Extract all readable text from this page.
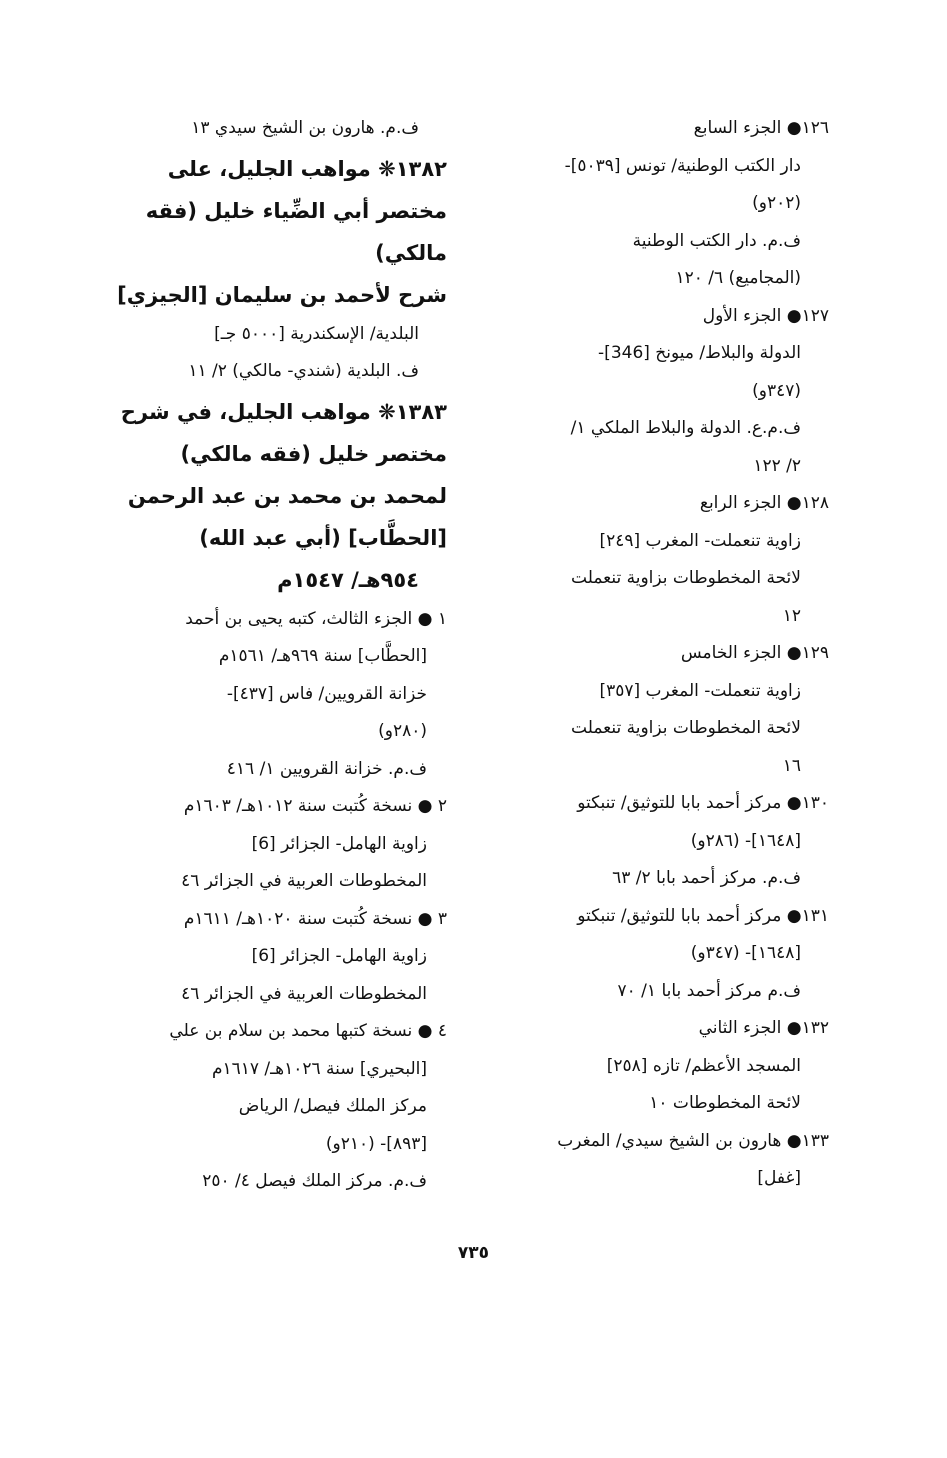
١٢٦● الجزء السابع
دار الكتب الوطنية/ تونس [٥٠٣٩]-
(٢٠٢و)
ف.م. دار الكتب الوطنية
(المجاميع) ٦/ ١٢٠
١٢٧● الجزء الأول
الدولة والبلاط/ ميونخ [346]-
(٣٤٧و)
ف.م.ع. الدولة والبلاط الملكي ١/
٢/ ١٢٢
١٢٨● الجزء الرابع
زاوية تنعملت- المغرب [٢٤٩]
لائحة المخطوطات بزاوية تنعملت
١٢
١٢٩● الجزء الخامس
زاوية تنعملت- المغرب [٣٥٧]
لائحة المخطوطات بزاوية تنعملت
١٦
١٣٠● مركز أحمد بابا للتوثيق/ تنبكتو
[١٦٤٨]- (٢٨٦و)
ف.م. مركز أحمد بابا ٢/ ٦٣
١٣١● مركز أحمد بابا للتوثيق/ تنبكتو
[١٦٤٨]- (٣٤٧و)
ف.م مركز أحمد بابا ١/ ٧٠
١٣٢● الجزء الثاني
المسجد الأعظم/ تازه [٢٥٨]
لائحة المخطوطات ١٠
١٣٣● هارون بن الشيخ سيدي/ المغرب
[غفل]
ف.م. هارون بن الشيخ سيدي ١٣
١٣٨٢❋ مواهب الجليل، على
مختصر أبي الضِّياء خليل (فقه
مالكي)
شرح لأحمد بن سليمان [الجيزي]
البلدية/ الإسكندرية [٥٠٠٠ جـ]
ف. البلدية (شندي- مالكي) ٢/ ١١
١٣٨٣❋ مواهب الجليل، في شرح
مختصر خليل (فقه مالكي)
لمحمد بن محمد بن عبد الرحمن
[الحطَّاب] (أبي عبد الله)
٩٥٤هـ/ ١٥٤٧م
١ ● الجزء الثالث، كتبه يحيى بن أحمد
[الحطَّاب] سنة ٩٦٩هـ/ ١٥٦١م
خزانة القرويين/ فاس [٤٣٧]-
(٢٨٠و)
ف.م. خزانة القرويين ١/ ٤١٦
٢ ● نسخة كُتبت سنة ١٠١٢هـ/ ١٦٠٣م
زاوية الهامل- الجزائر [6]
المخطوطات العربية في الجزائر ٤٦
٣ ● نسخة كُتبت سنة ١٠٢٠هـ/ ١٦١١م
زاوية الهامل- الجزائر [6]
المخطوطات العربية في الجزائر ٤٦
٤ ● نسخة كتبها محمد بن سلام بن علي
[البحيري] سنة ١٠٢٦هـ/ ١٦١٧م
مركز الملك فيصل/ الرياض
[٨٩٣]- (٢١٠و)
ف.م. مركز الملك فيصل ٤/ ٢٥٠
٧٣٥
